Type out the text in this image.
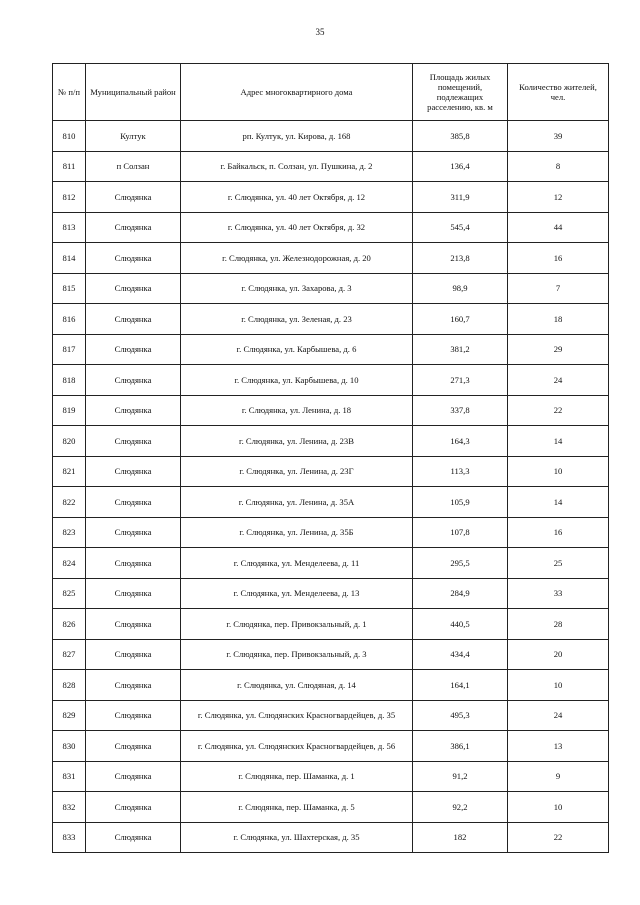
35
№ п/п	Муниципальный район	Адрес многоквартирного дома	Площадь жилых помещений, подлежащих расселению, кв. м	Количество жителей, чел.
810	Култук	рп. Култук, ул. Кирова, д. 168	385,8	39
811	п Солзан	г. Байкальск, п. Солзан, ул. Пушкина, д. 2	136,4	8
812	Слюдянка	г. Слюдянка, ул. 40 лет Октября, д. 12	311,9	12
813	Слюдянка	г. Слюдянка, ул. 40 лет Октября, д. 32	545,4	44
814	Слюдянка	г. Слюдянка, ул. Железнодорожная, д. 20	213,8	16
815	Слюдянка	г. Слюдянка, ул. Захарова, д. 3	98,9	7
816	Слюдянка	г. Слюдянка, ул. Зеленая, д. 23	160,7	18
817	Слюдянка	г. Слюдянка, ул. Карбышева, д. 6	381,2	29
818	Слюдянка	г. Слюдянка, ул. Карбышева, д. 10	271,3	24
819	Слюдянка	г. Слюдянка, ул. Ленина, д. 18	337,8	22
820	Слюдянка	г. Слюдянка, ул. Ленина, д. 23В	164,3	14
821	Слюдянка	г. Слюдянка, ул. Ленина, д. 23Г	113,3	10
822	Слюдянка	г. Слюдянка, ул. Ленина, д. 35А	105,9	14
823	Слюдянка	г. Слюдянка, ул. Ленина, д. 35Б	107,8	16
824	Слюдянка	г. Слюдянка, ул. Менделеева, д. 11	295,5	25
825	Слюдянка	г. Слюдянка, ул. Менделеева, д. 13	284,9	33
826	Слюдянка	г. Слюдянка, пер. Привокзальный, д. 1	440,5	28
827	Слюдянка	г. Слюдянка, пер. Привокзальный, д. 3	434,4	20
828	Слюдянка	г. Слюдянка, ул. Слюдяная, д. 14	164,1	10
829	Слюдянка	г. Слюдянка, ул. Слюдянских Красногвардейцев, д. 35	495,3	24
830	Слюдянка	г. Слюдянка, ул. Слюдянских Красногвардейцев, д. 56	386,1	13
831	Слюдянка	г. Слюдянка, пер. Шаманка, д. 1	91,2	9
832	Слюдянка	г. Слюдянка, пер. Шаманка, д. 5	92,2	10
833	Слюдянка	г. Слюдянка, ул. Шахтерская, д. 35	182	22
